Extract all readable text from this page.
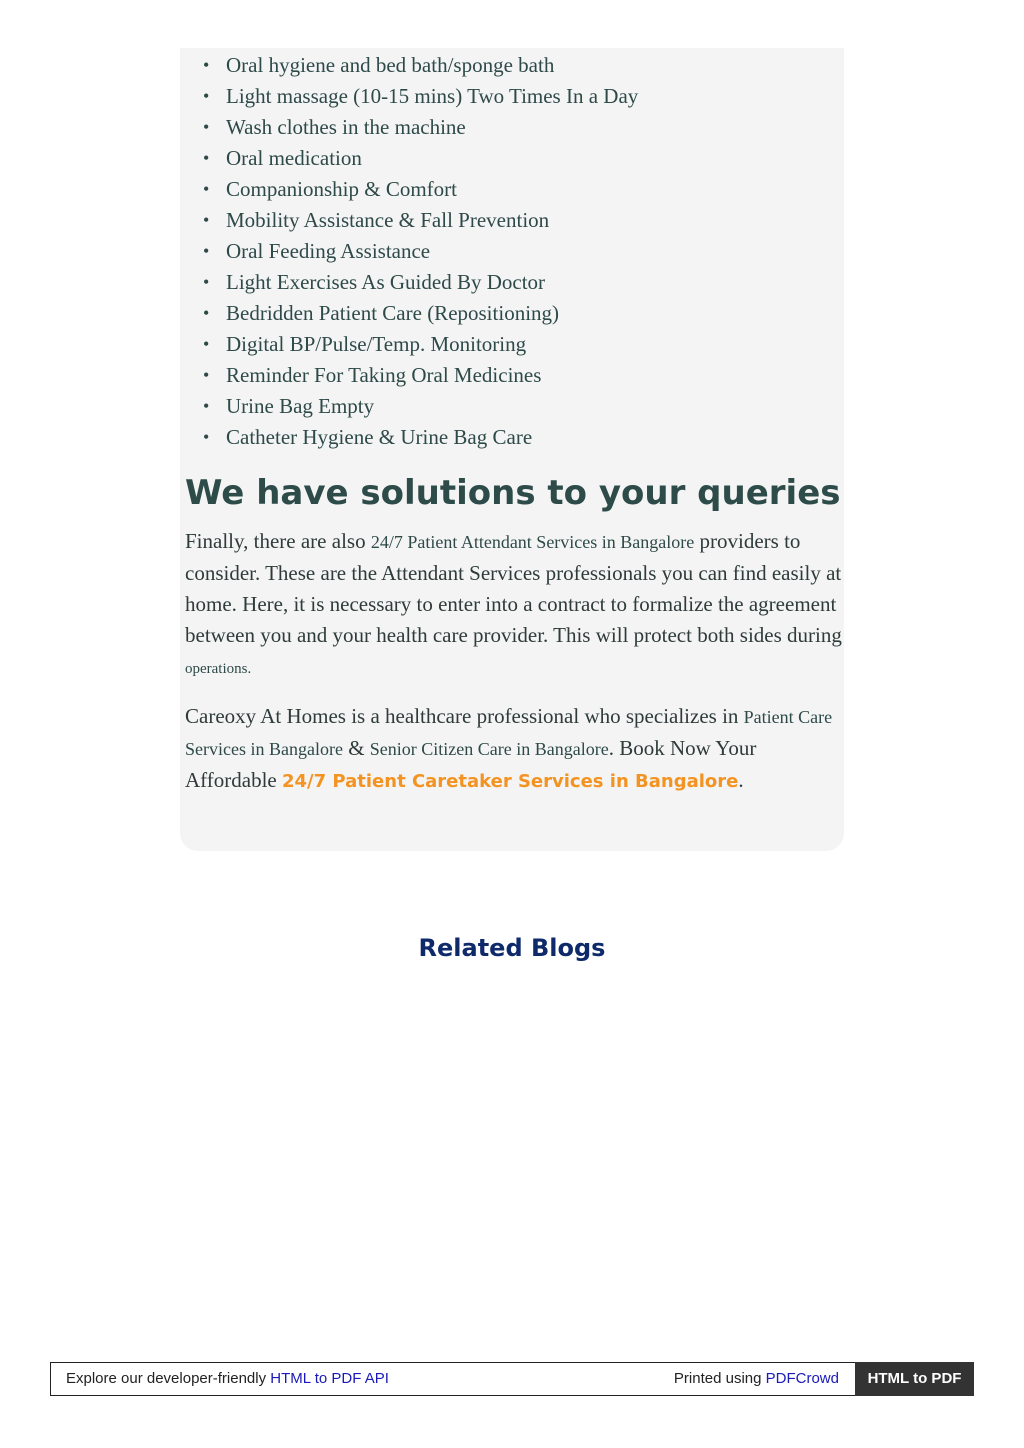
• Oral hygiene and bed bath/sponge bath
• Light massage (10-15 mins) Two Times In a Day
• Wash clothes in the machine
• Oral medication
• Companionship & Comfort
• Mobility Assistance & Fall Prevention
• Oral Feeding Assistance
• Light Exercises As Guided By Doctor
• Bedridden Patient Care (Repositioning)
• Digital BP/Pulse/Temp. Monitoring
• Reminder For Taking Oral Medicines
• Urine Bag Empty
• Catheter Hygiene & Urine Bag Care
We have solutions to your queries

Finally, there are also 24/7 Patient Attendant Services in Bangalore providers to consider. These are the Attendant Services professionals you can find easily at home. Here, it is necessary to enter into a contract to formalize the agreement between you and your health care provider. This will protect both sides during operations.

Careoxy At Homes is a healthcare professional who specializes in Patient Care Services in Bangalore & Senior Citizen Care in Bangalore. Book Now Your Affordable 24/7 Patient Caretaker Services in Bangalore.

Related Blogs
Explore our developer-friendly HTML to PDF API	Printed using PDFCrowd	HTML to PDF
